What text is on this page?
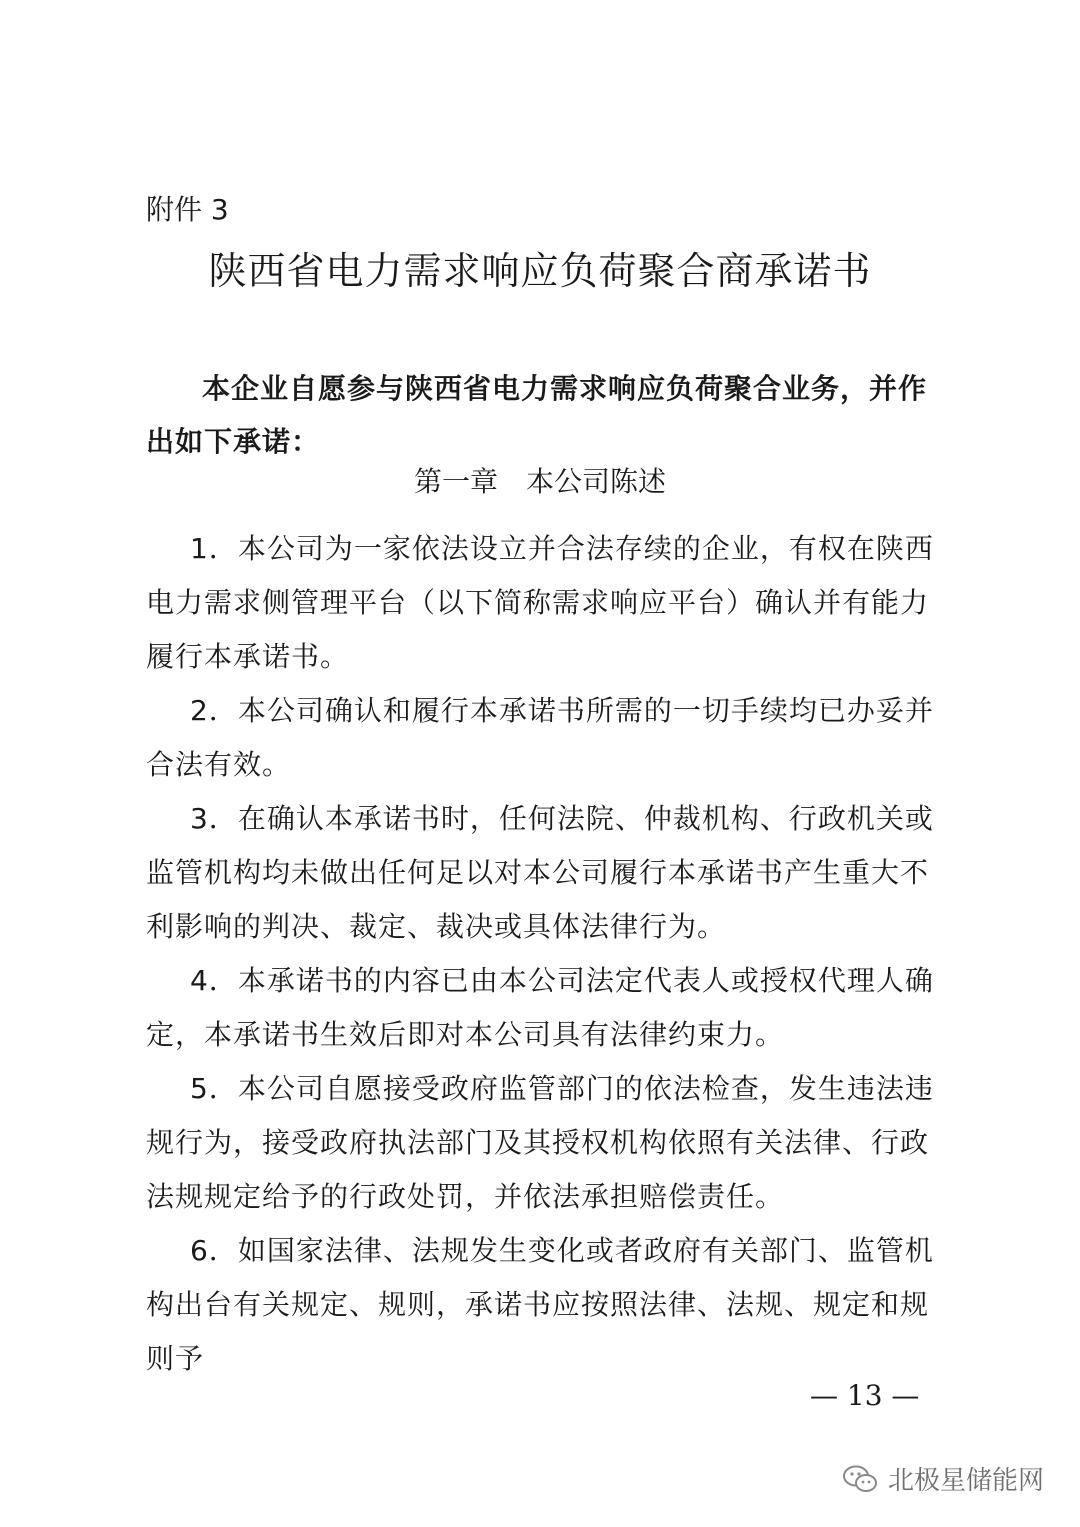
附件 3
陕西省电力需求响应负荷聚合商承诺书
本企业自愿参与陕西省电力需求响应负荷聚合业务，并作出如下承诺：
第一章　本公司陈述

1．本公司为一家依法设立并合法存续的企业，有权在陕西电力需求侧管理平台（以下简称需求响应平台）确认并有能力履行本承诺书。

2．本公司确认和履行本承诺书所需的一切手续均已办妥并合法有效。

3．在确认本承诺书时，任何法院、仲裁机构、行政机关或监管机构均未做出任何足以对本公司履行本承诺书产生重大不利影响的判决、裁定、裁决或具体法律行为。

4．本承诺书的内容已由本公司法定代表人或授权代理人确定，本承诺书生效后即对本公司具有法律约束力。

5．本公司自愿接受政府监管部门的依法检查，发生违法违规行为，接受政府执法部门及其授权机构依照有关法律、行政法规规定给予的行政处罚，并依法承担赔偿责任。

6．如国家法律、法规发生变化或者政府有关部门、监管机构出台有关规定、规则，承诺书应按照法律、法规、规定和规则予

— 13 —
北极星储能网
